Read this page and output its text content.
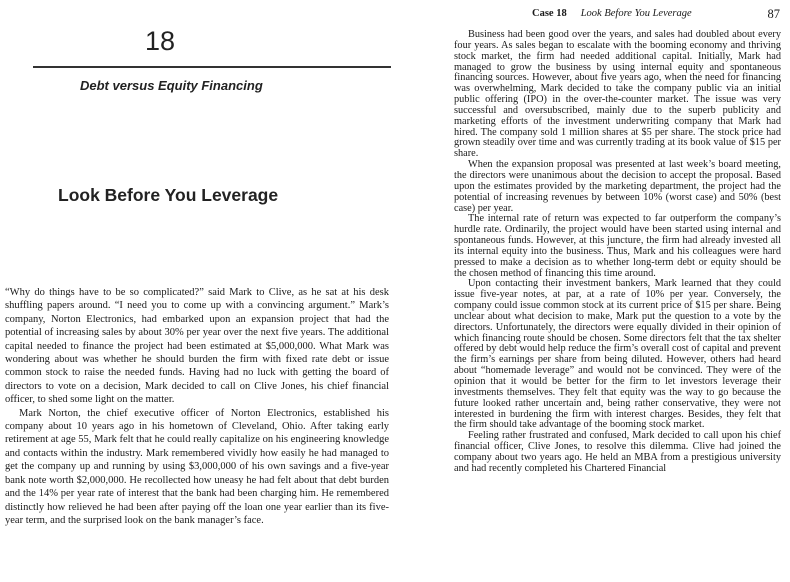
18
Debt versus Equity Financing
Look Before You Leverage

“Why do things have to be so complicated?” said Mark to Clive, as he sat at his desk shuffling papers around. “I need you to come up with a convincing argument.” Mark’s company, Norton Electronics, had embarked upon an expansion project that had the potential of increasing sales by about 30% per year over the next five years. The additional capital needed to finance the project had been estimated at $5,000,000. What Mark was wondering about was whether he should burden the firm with fixed rate debt or issue common stock to raise the needed funds. Having had no luck with getting the board of directors to vote on a decision, Mark decided to call on Clive Jones, his chief financial officer, to shed some light on the matter.

Mark Norton, the chief executive officer of Norton Electronics, established his company about 10 years ago in his hometown of Cleveland, Ohio. After taking early retirement at age 55, Mark felt that he could really capitalize on his engineering knowledge and contacts within the industry. Mark remembered vividly how easily he had managed to get the company up and running by using $3,000,000 of his own savings and a five-year bank note worth $2,000,000. He recollected how uneasy he had felt about that debt burden and the 14% per year rate of interest that the bank had been charging him. He remembered distinctly how relieved he had been after paying off the loan one year earlier than its five-year term, and the surprised look on the bank manager’s face.

Case 18 Look Before You Leverage	87

Business had been good over the years, and sales had doubled about every four years. As sales began to escalate with the booming economy and thriving stock market, the firm had needed additional capital. Initially, Mark had managed to grow the business by using internal equity and spontaneous financing sources. However, about five years ago, when the need for financing was overwhelming, Mark decided to take the company public via an initial public offering (IPO) in the over-the-counter market. The issue was very successful and oversubscribed, mainly due to the superb publicity and marketing efforts of the investment underwriting company that Mark had hired. The company sold 1 million shares at $5 per share. The stock price had grown steadily over time and was currently trading at its book value of $15 per share.

When the expansion proposal was presented at last week’s board meeting, the directors were unanimous about the decision to accept the proposal. Based upon the estimates provided by the marketing department, the project had the potential of increasing revenues by between 10% (worst case) and 50% (best case) per year.

The internal rate of return was expected to far outperform the company’s hurdle rate. Ordinarily, the project would have been started using internal and spontaneous funds. However, at this juncture, the firm had already invested all its internal equity into the business. Thus, Mark and his colleagues were hard pressed to make a decision as to whether long-term debt or equity should be the chosen method of financing this time around.

Upon contacting their investment bankers, Mark learned that they could issue five-year notes, at par, at a rate of 10% per year. Conversely, the company could issue common stock at its current price of $15 per share. Being unclear about what decision to make, Mark put the question to a vote by the directors. Unfortunately, the directors were equally divided in their opinion of which financing route should be chosen. Some directors felt that the tax shelter offered by debt would help reduce the firm’s overall cost of capital and prevent the firm’s earnings per share from being diluted. However, others had heard about “homemade leverage” and would not be convinced. They were of the opinion that it would be better for the firm to let investors leverage their investments themselves. They felt that equity was the way to go because the future looked rather uncertain and, being rather conservative, they were not interested in burdening the firm with interest charges. Besides, they felt that the firm should take advantage of the booming stock market.

Feeling rather frustrated and confused, Mark decided to call upon his chief financial officer, Clive Jones, to resolve this dilemma. Clive had joined the company about two years ago. He held an MBA from a prestigious university and had recently completed his Chartered Financial
